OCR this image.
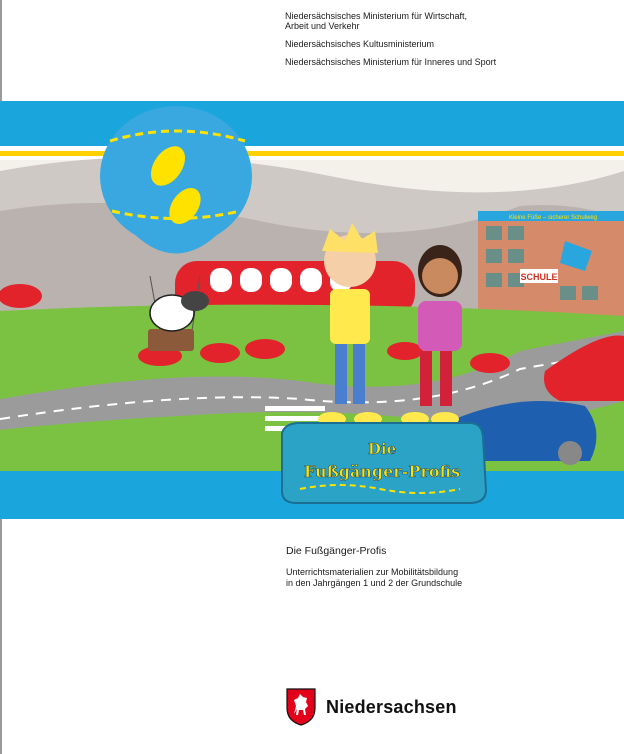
Niedersächsisches Ministerium für Wirtschaft,
Arbeit und Verkehr
Niedersächsisches Kultusministerium
Niedersächsisches Ministerium für Inneres und Sport
SCHULE
Kleine Füße – sicherer Schulweg
Die
Fußgänger-Profis
Die Fußgänger-Profis
Unterrichtsmaterialien zur Mobilitätsbildung
in den Jahrgängen 1 und 2 der Grundschule
Niedersachsen
